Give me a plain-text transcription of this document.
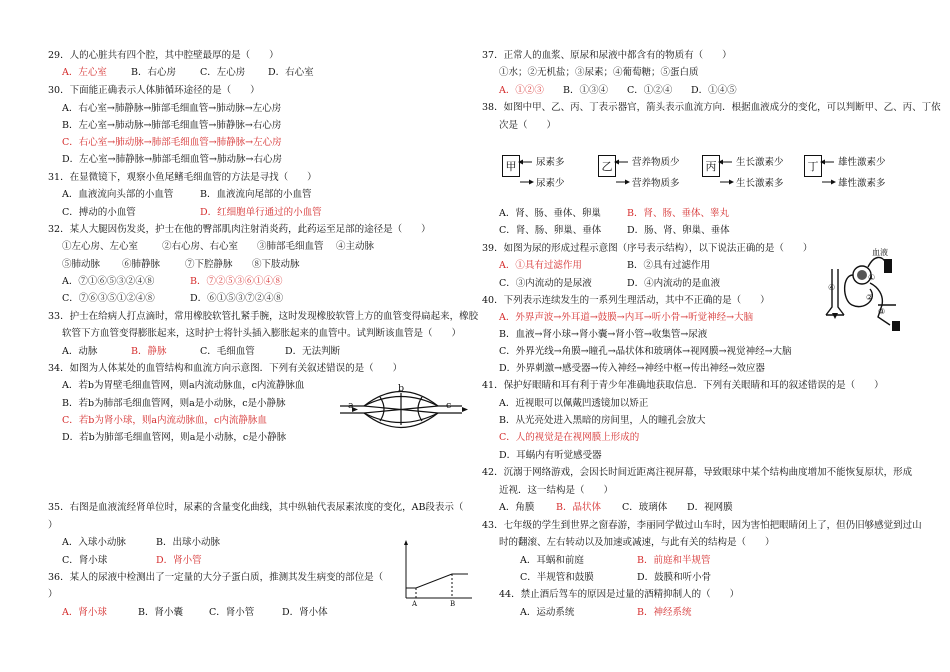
29．人的心脏共有四个腔，其中腔壁最厚的是（　　）
A．左心室	B．右心房	C．左心房 D．右心室
30．下面能正确表示人体肺循环途径的是（　　）
A．右心室→肺静脉→肺部毛细血管→肺动脉→左心房
B．左心室→肺动脉→肺部毛细血管→肺静脉→右心房
C．右心室→肺动脉→肺部毛细血管→肺静脉→左心房
D．左心室→肺静脉→肺部毛细血管→肺动脉→右心房
31．在显微镜下，观察小鱼尾鳍毛细血管的方法是寻找（　　）
A．血液流向头部的小血管	B．血液流向尾部的小血管
C．搏动的小血管	D．红细胞单行通过的小血管
32．某人大腿因伤发炎，护士在他的臀部肌肉注射消炎药，此药运至足部的途径是（　　）
①左心房、左心室	②右心房、右心室 ③肺部毛细血管 ④主动脉
⑤肺动脉 ⑥肺静脉	⑦下腔静脉 ⑧下肢动脉
A．⑦①⑥⑤③②④⑧	B．⑦②⑤③⑥①④⑧
C．⑦⑥③⑤①②④⑧	D．⑥①⑤③⑦②④⑧
33．护士在给病人打点滴时，常用橡胶软管扎紧手腕，这时发现橡胶软管上方的血管变得扁起来，橡胶
软管下方血管变得膨胀起来，这时护士将针头插入膨胀起来的血管中。试判断该血管是（　　）
A．动脉	B．静脉	C．毛细血管	D．无法判断
34．如图为人体某处的血管结构和血流方向示意图．下列有关叙述错误的是（　　）
A．若b为胃壁毛细血管网，则a内流动脉血，c内流静脉血
B．若b为肺部毛细血管网，则a是小动脉，c是小静脉
C．若b为肾小球，则a内流动脉血，c内流静脉血
D．若b为肺部毛细血管网，则a是小动脉，c是小静脉
a
b
c
35．右图是血液流经肾单位时，尿素的含量变化曲线，其中纵轴代表尿素浓度的变化，AB段表示（
）
A．入球小动脉	B．出球小动脉
C．肾小球	D．肾小管
A	B
36．某人的尿液中检测出了一定量的大分子蛋白质，推测其发生病变的部位是（
）
A．肾小球	B．肾小囊	C．肾小管	D．肾小体
37．正常人的血浆、原尿和尿液中都含有的物质有（　　）
①水；②无机盐；③尿素；④葡萄糖；⑤蛋白质
A．①②③ B．①③④ C．①②④ D．①④⑤
38．如图中甲、乙、丙、丁表示器官，箭头表示血流方向．根据血液成分的变化，可以判断甲、乙、丙、丁依
次是（　　）
甲	尿素多
尿素少
乙	营养物质少
营养物质多
丙	生长激素少
生长激素多
丁	雄性激素少
雄性激素多
A．肾、肠、垂体、卵巢	B．肾、肠、垂体、睾丸
C．肾、肠、卵巢、垂体	D．肠、肾、卵巢、垂体
39．如图为尿的形成过程示意图（序号表示结构），以下说法正确的是（　　）
A．①具有过滤作用	B．②具有过滤作用
C．③内流动的是尿液	D．④内流动的是血液
血液
①
②
③
④
40．下列表示连续发生的一系列生理活动，其中不正确的是（　　）
A．外界声波→外耳道→鼓膜→内耳→听小骨→听觉神经→大脑
B．血液→肾小球→肾小囊→肾小管→收集管→尿液
C．外界光线→角膜→瞳孔→晶状体和玻璃体→视网膜→视觉神经→大脑
D．外界刺激→感受器→传入神经→神经中枢→传出神经→效应器
41．保护好眼睛和耳有利于青少年准确地获取信息．下列有关眼睛和耳的叙述错误的是（　　）
A．近视眼可以佩戴凹透镜加以矫正
B．从光亮处进入黑暗的房间里，人的瞳孔会放大
C．人的视觉是在视网膜上形成的
D．耳蜗内有听觉感受器
42．沉溺于网络游戏，会因长时间近距离注视屏幕，导致眼球中某个结构曲度增加不能恢复原状，形成
近视．这一结构是（　　）
A．角膜 B．晶状体 C．玻璃体 D．视网膜
43．七年级的学生到世界之窗春游，李丽同学做过山车时，因为害怕把眼睛闭上了，但仍旧够感觉到过山
时的翻滚、左右转动以及加速或减速，与此有关的结构是（　　）
A．耳蜗和前庭	B．前庭和半规管
C．半规管和鼓膜	D．鼓膜和听小骨
44．禁止酒后驾车的原因是过量的酒精抑制人的（　　）
A．运动系统	B．神经系统
